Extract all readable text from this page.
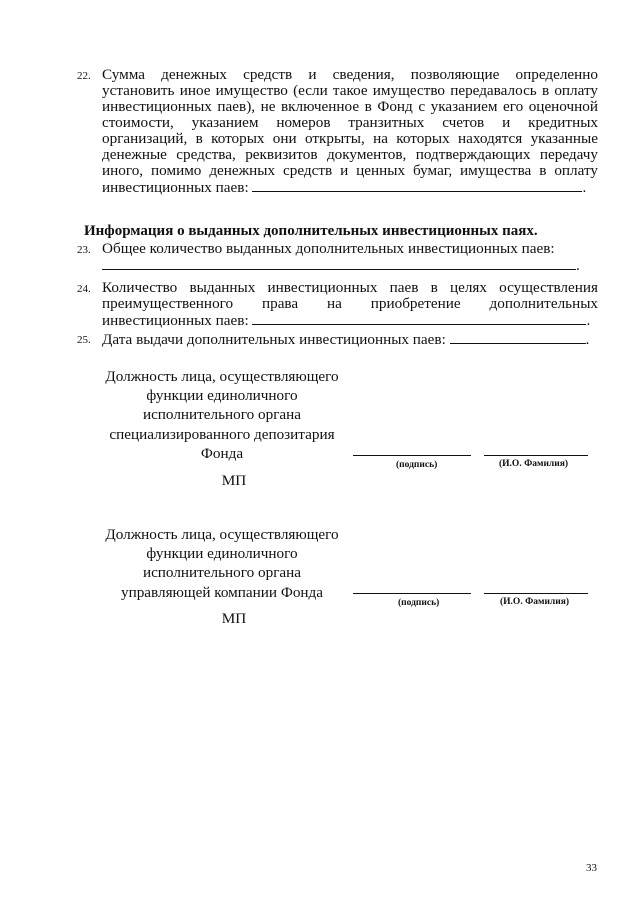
22. Сумма денежных средств и сведения, позволяющие определенно установить иное имущество (если такое имущество передавалось в оплату инвестиционных паев), не включенное в Фонд с указанием его оценочной стоимости, указанием номеров транзитных счетов и кредитных организаций, в которых они открыты, на которых находятся указанные денежные средства, реквизитов документов, подтверждающих передачу иного, помимо денежных средств и ценных бумаг, имущества в оплату инвестиционных паев:	.
Информация о выданных дополнительных инвестиционных паях.
23. Общее количество выданных дополнительных инвестиционных паев:
.
24. Количество выданных инвестиционных паев в целях осуществления преимущественного права на приобретение дополнительных инвестиционных паев:	.
25. Дата выдачи дополнительных инвестиционных паев:	.
Должность лица, осуществляющего функции единоличного исполнительного органа специализированного депозитария Фонда
(подпись)	(И.О. Фамилия)
МП
Должность лица, осуществляющего функции единоличного исполнительного органа управляющей компании Фонда
(подпись)	(И.О. Фамилия)
МП
33
